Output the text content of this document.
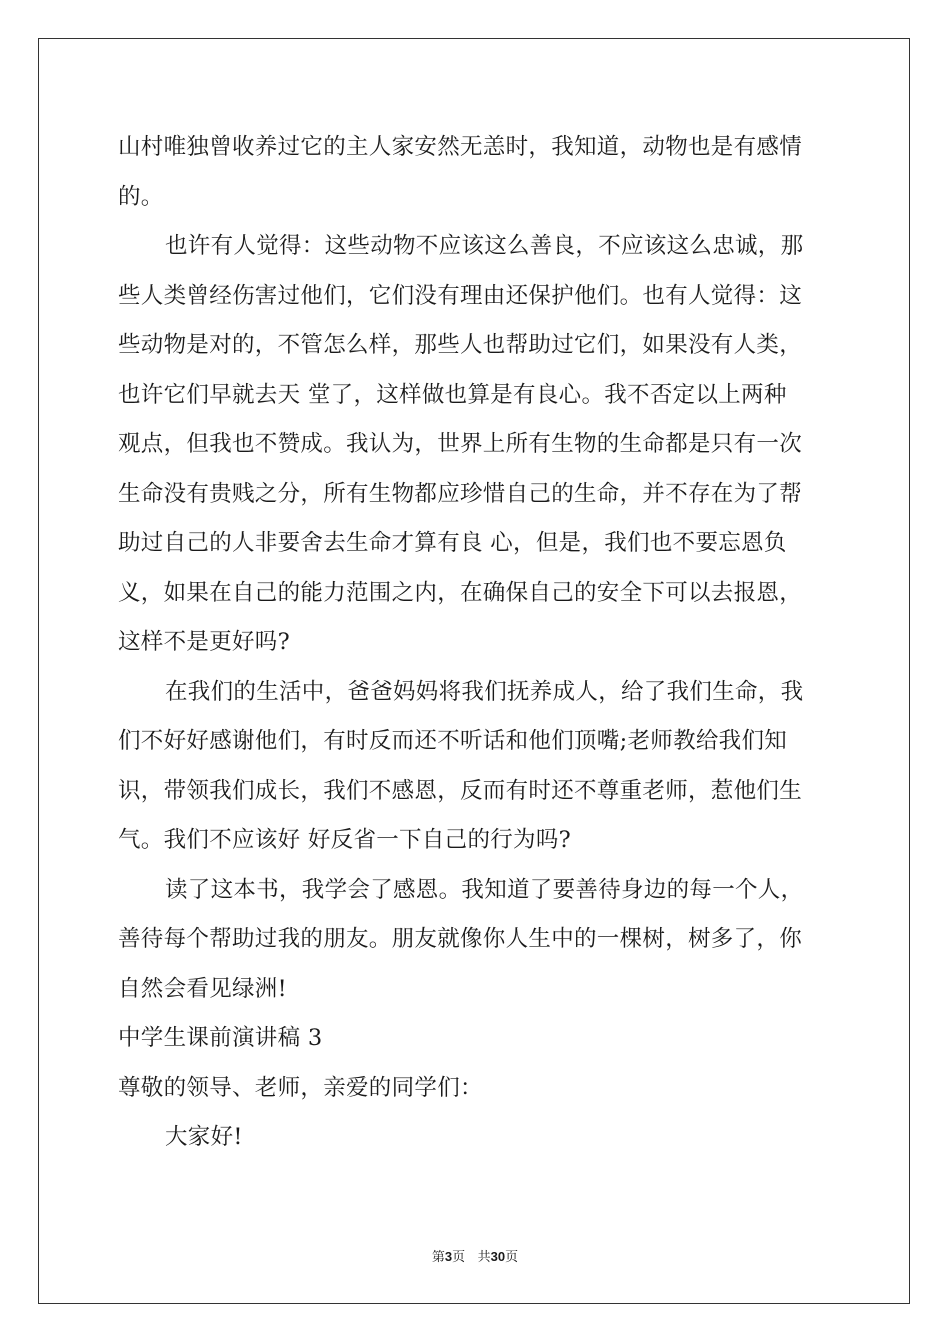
山村唯独曾收养过它的主人家安然无恙时，我知道，动物也是有感情
的。
也许有人觉得：这些动物不应该这么善良，不应该这么忠诚，那
些人类曾经伤害过他们，它们没有理由还保护他们。也有人觉得：这
些动物是对的，不管怎么样，那些人也帮助过它们，如果没有人类，
也许它们早就去天 堂了，这样做也算是有良心。我不否定以上两种
观点，但我也不赞成。我认为，世界上所有生物的生命都是只有一次
生命没有贵贱之分，所有生物都应珍惜自己的生命，并不存在为了帮
助过自己的人非要舍去生命才算有良 心，但是，我们也不要忘恩负
义，如果在自己的能力范围之内，在确保自己的安全下可以去报恩，
这样不是更好吗?
在我们的生活中，爸爸妈妈将我们抚养成人，给了我们生命，我
们不好好感谢他们，有时反而还不听话和他们顶嘴;老师教给我们知
识，带领我们成长，我们不感恩，反而有时还不尊重老师，惹他们生
气。我们不应该好 好反省一下自己的行为吗?
读了这本书，我学会了感恩。我知道了要善待身边的每一个人，
善待每个帮助过我的朋友。朋友就像你人生中的一棵树，树多了，你
自然会看见绿洲!
中学生课前演讲稿 3
尊敬的领导、老师，亲爱的同学们：
大家好!
第3页 共30页
